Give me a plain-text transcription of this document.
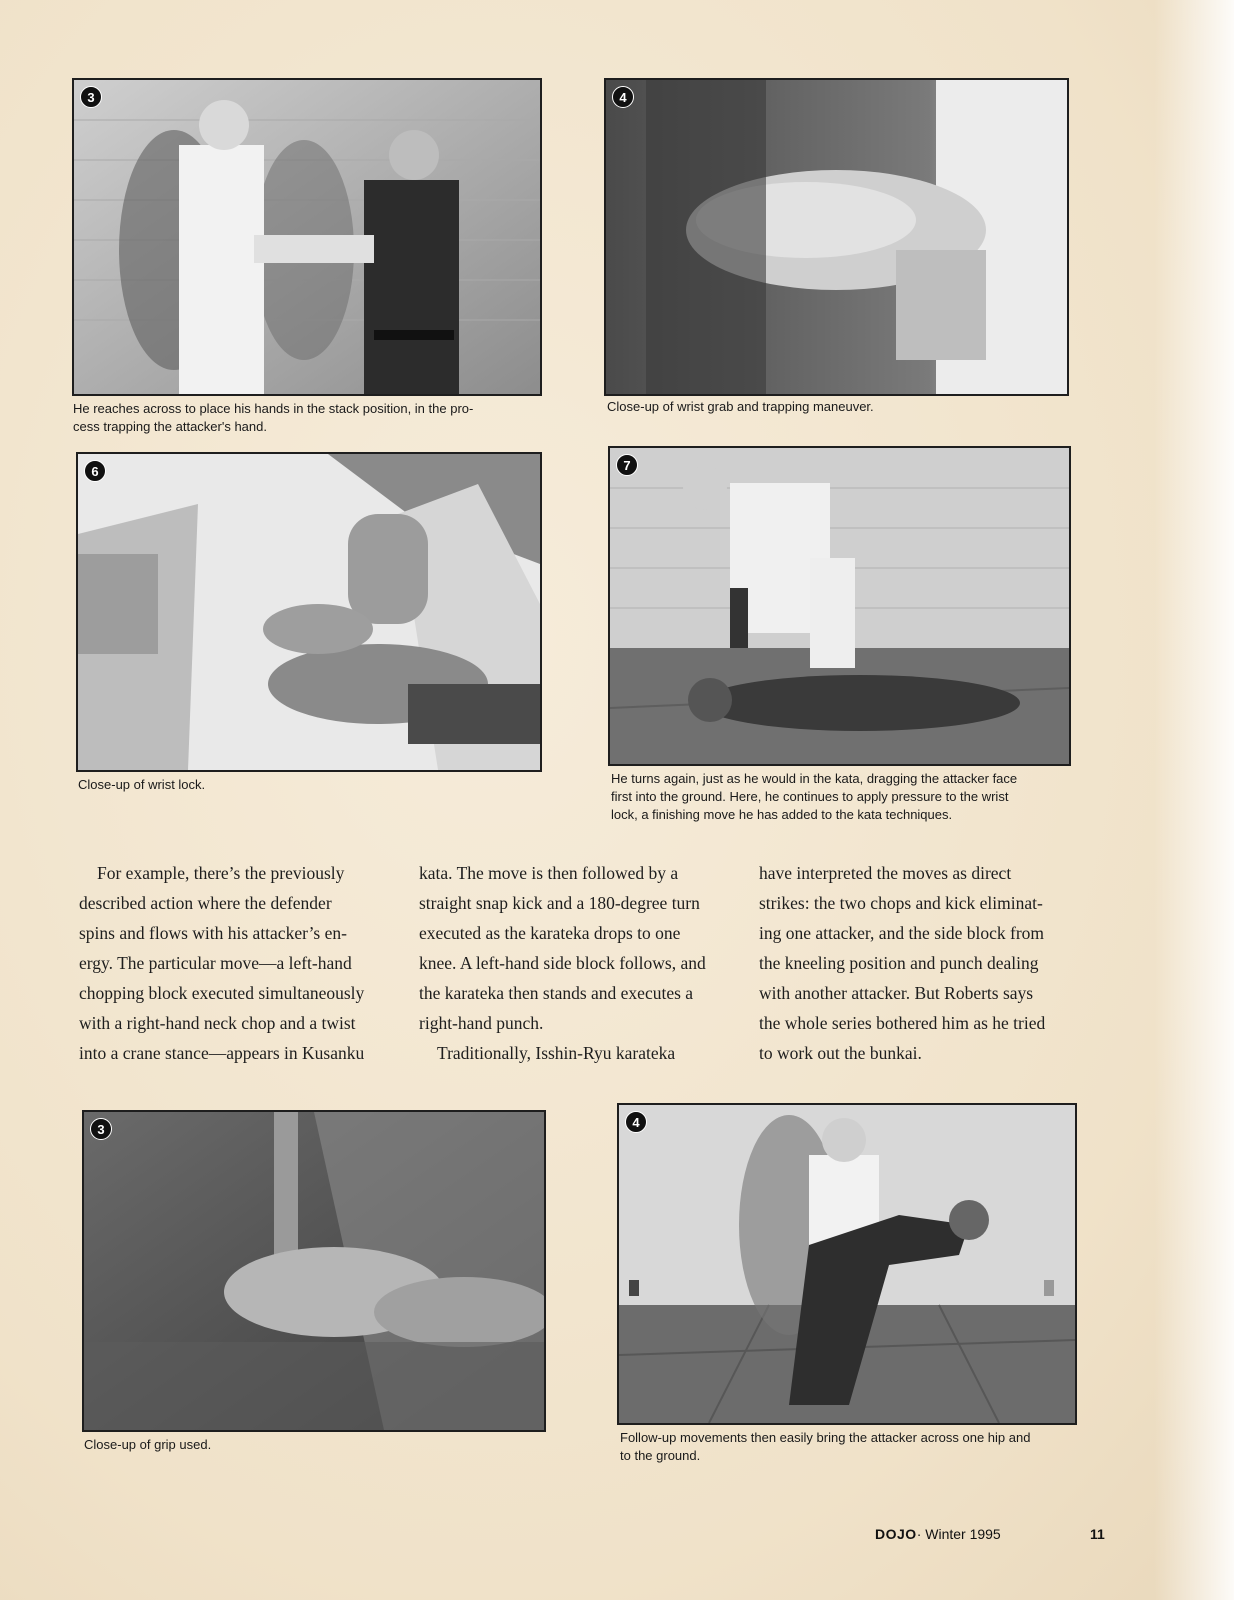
3
He reaches across to place his hands in the stack position, in the pro-
cess trapping the attacker's hand.
4
Close-up of wrist grab and trapping maneuver.
6
Close-up of wrist lock.
7
He turns again, just as he would in the kata, dragging the attacker face
first into the ground. Here, he continues to apply pressure to the wrist
lock, a finishing move he has added to the kata techniques.

For example, there’s the previously

described action where the defender

spins and flows with his attacker’s en-

ergy. The particular move—a left-hand

chopping block executed simultaneously

with a right-hand neck chop and a twist

into a crane stance—appears in Kusanku

kata. The move is then followed by a

straight snap kick and a 180-degree turn

executed as the karateka drops to one

knee. A left-hand side block follows, and

the karateka then stands and executes a

right-hand punch.

Traditionally, Isshin-Ryu karateka

have interpreted the moves as direct

strikes: the two chops and kick eliminat-

ing one attacker, and the side block from

the kneeling position and punch dealing

with another attacker. But Roberts says

the whole series bothered him as he tried

to work out the bunkai.

3
Close-up of grip used.
4
Follow-up movements then easily bring the attacker across one hip and
to the ground.
DOJO· Winter 1995	11
